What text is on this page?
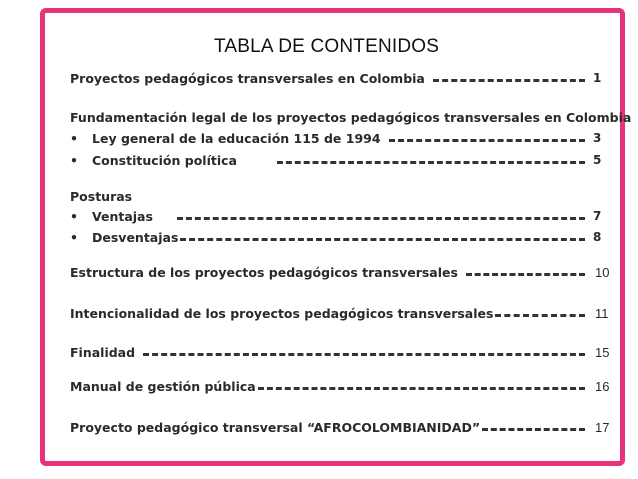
TABLA DE CONTENIDOS
Proyectos pedagógicos transversales en Colombia	1
Fundamentación legal de los proyectos pedagógicos transversales en Colombia
•	Ley general de la educación 115 de 1994	3
•	Constitución política	5
Posturas
•	Ventajas	7
•	Desventajas	8
Estructura de los proyectos pedagógicos transversales	10
Intencionalidad de los proyectos pedagógicos transversales	11
Finalidad	15
Manual de gestión pública	16
Proyecto pedagógico transversal “AFROCOLOMBIANIDAD”	17
